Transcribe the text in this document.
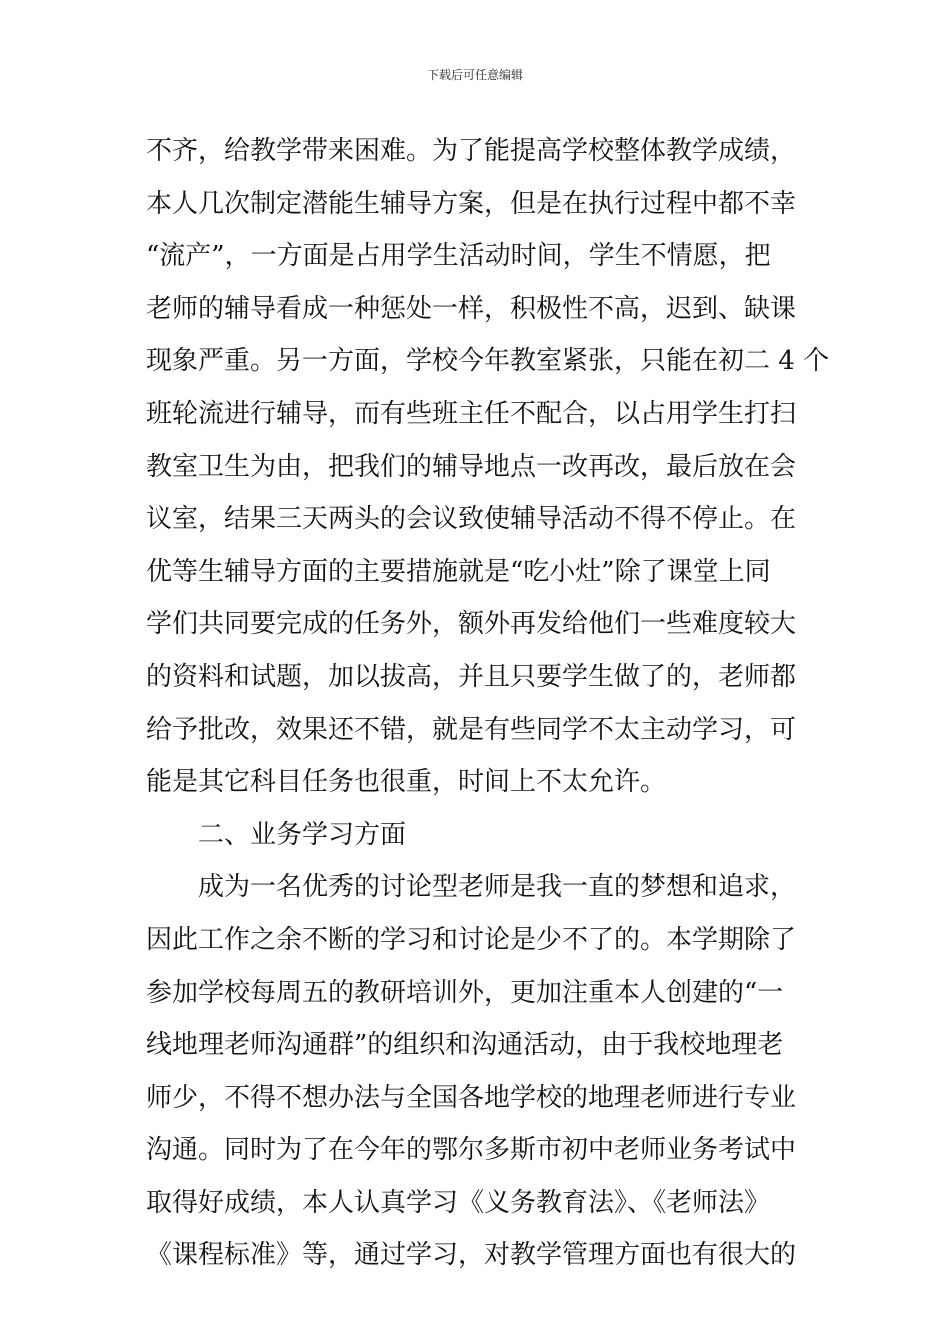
下载后可任意编辑
不齐，给教学带来困难。为了能提高学校整体教学成绩，
本人几次制定潜能生辅导方案，但是在执行过程中都不幸
“流产”，一方面是占用学生活动时间，学生不情愿，把
老师的辅导看成一种惩处一样，积极性不高，迟到、缺课
现象严重。另一方面，学校今年教室紧张，只能在初二 4 个
班轮流进行辅导，而有些班主任不配合，以占用学生打扫
教室卫生为由，把我们的辅导地点一改再改，最后放在会
议室，结果三天两头的会议致使辅导活动不得不停止。在
优等生辅导方面的主要措施就是“吃小灶”除了课堂上同
学们共同要完成的任务外，额外再发给他们一些难度较大
的资料和试题，加以拔高，并且只要学生做了的，老师都
给予批改，效果还不错，就是有些同学不太主动学习，可
能是其它科目任务也很重，时间上不太允许。
二、业务学习方面
成为一名优秀的讨论型老师是我一直的梦想和追求，
因此工作之余不断的学习和讨论是少不了的。本学期除了
参加学校每周五的教研培训外，更加注重本人创建的“一
线地理老师沟通群”的组织和沟通活动，由于我校地理老
师少，不得不想办法与全国各地学校的地理老师进行专业
沟通。同时为了在今年的鄂尔多斯市初中老师业务考试中
取得好成绩，本人认真学习《义务教育法》、《老师法》
《课程标准》等，通过学习，对教学管理方面也有很大的
